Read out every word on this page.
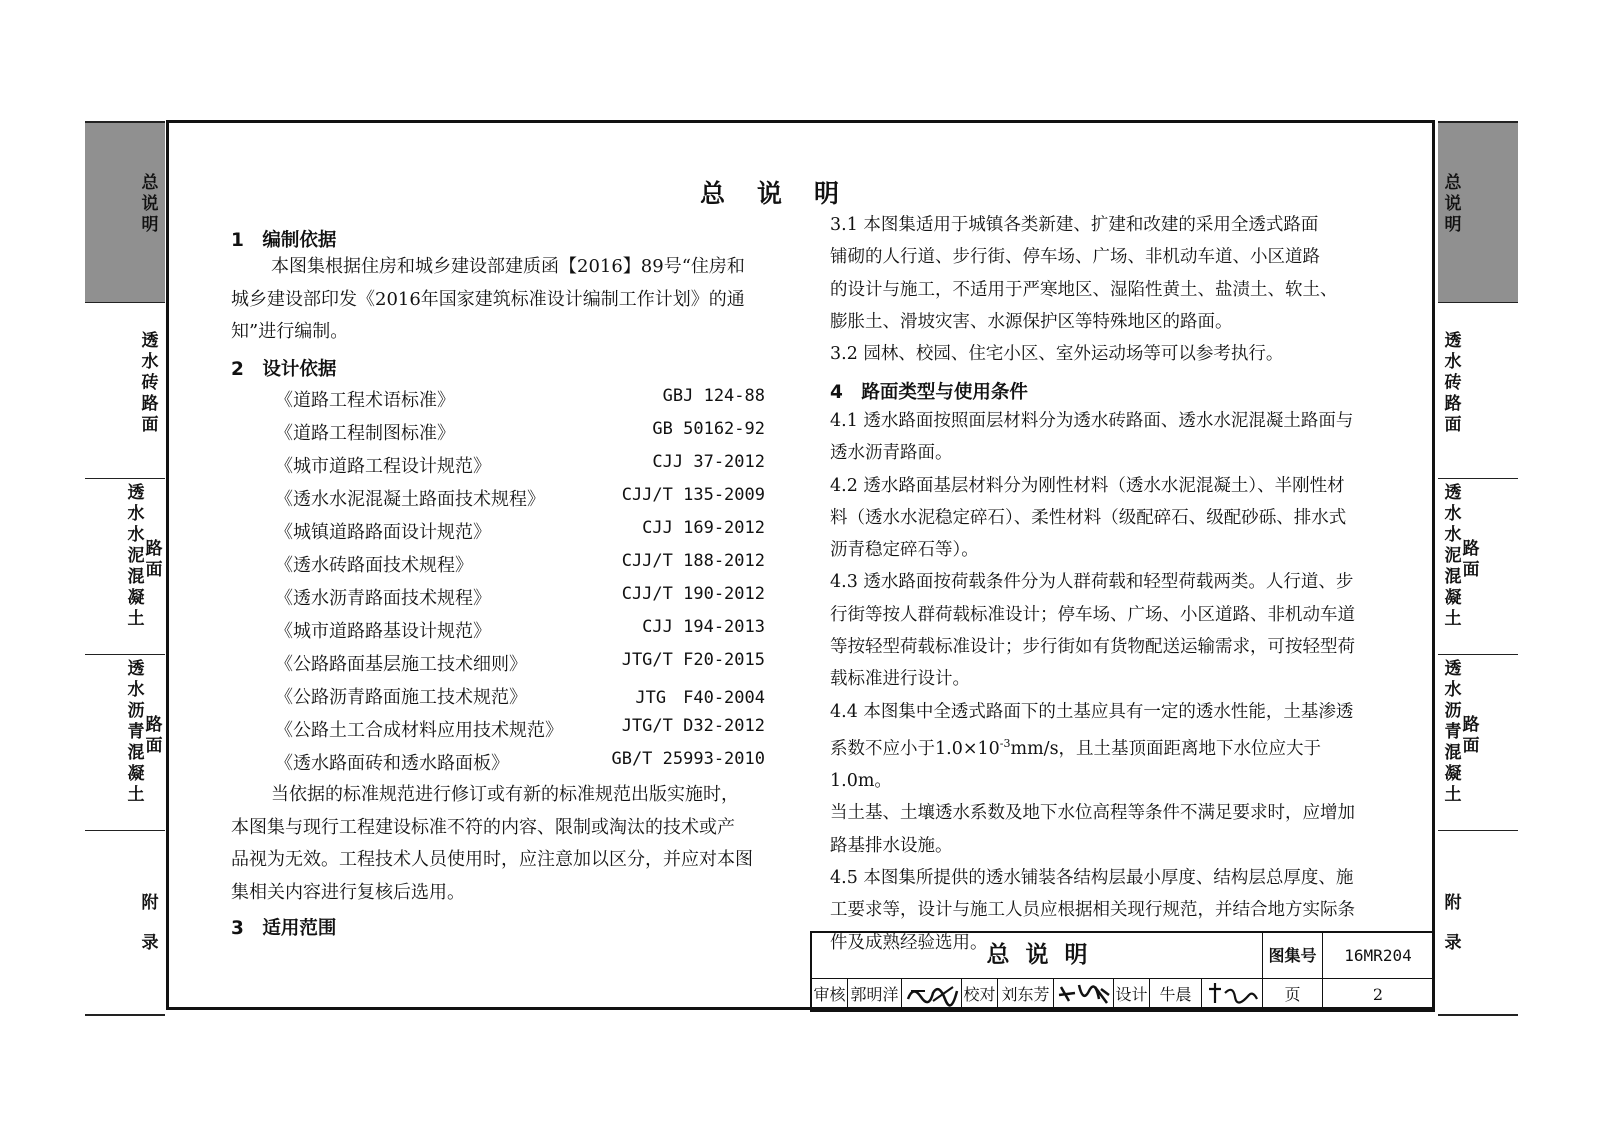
总说明
透水砖路面
透水水泥混凝土
路面
透水沥青混凝土
路面
附录
总说明
透水砖路面
透水水泥混凝土
路面
透水沥青混凝土
路面
附录
总说明
1　编制依据
本图集根据住房和城乡建设部建质函【2016】89号“住房和
城乡建设部印发《2016年国家建筑标准设计编制工作计划》的通
知”进行编制。
2　设计依据
《道路工程术语标准》	GBJ 124-88
《道路工程制图标准》	GB 50162-92
《城市道路工程设计规范》	CJJ 37-2012
《透水水泥混凝土路面技术规程》	CJJ/T 135-2009
《城镇道路路面设计规范》	CJJ 169-2012
《透水砖路面技术规程》	CJJ/T 188-2012
《透水沥青路面技术规程》	CJJ/T 190-2012
《城市道路路基设计规范》	CJJ 194-2013
《公路路面基层施工技术细则》	JTG/T F20-2015
《公路沥青路面施工技术规范》	JTG　F40-2004
《公路土工合成材料应用技术规范》	JTG/T D32-2012
《透水路面砖和透水路面板》	GB/T 25993-2010
当依据的标准规范进行修订或有新的标准规范出版实施时，
本图集与现行工程建设标准不符的内容、限制或淘汰的技术或产
品视为无效。工程技术人员使用时，应注意加以区分，并应对本图
集相关内容进行复核后选用。
3　适用范围
3.1 本图集适用于城镇各类新建、扩建和改建的采用全透式路面
铺砌的人行道、步行街、停车场、广场、非机动车道、小区道路
的设计与施工，不适用于严寒地区、湿陷性黄土、盐渍土、软土、
膨胀土、滑坡灾害、水源保护区等特殊地区的路面。
3.2 园林、校园、住宅小区、室外运动场等可以参考执行。
4　路面类型与使用条件
4.1 透水路面按照面层材料分为透水砖路面、透水水泥混凝土路面与
透水沥青路面。
4.2 透水路面基层材料分为刚性材料（透水水泥混凝土）、半刚性材
料（透水水泥稳定碎石）、柔性材料（级配碎石、级配砂砾、排水式
沥青稳定碎石等）。
4.3 透水路面按荷载条件分为人群荷载和轻型荷载两类。人行道、步
行街等按人群荷载标准设计；停车场、广场、小区道路、非机动车道
等按轻型荷载标准设计；步行街如有货物配送运输需求，可按轻型荷
载标准进行设计。
4.4 本图集中全透式路面下的土基应具有一定的透水性能，土基渗透
系数不应小于$1.0\times 10^{-3}mm/s$，且土基顶面距离地下水位应大于1.0m。
当土基、土壤透水系数及地下水位高程等条件不满足要求时，应增加
路基排水设施。
4.5 本图集所提供的透水铺装各结构层最小厚度、结构层总厚度、施
工要求等，设计与施工人员应根据相关现行规范，并结合地方实际条
件及成熟经验选用。 总说明	图集号	16MR204
审核 郭明洋	校对 刘东芳	设计 牛晨	页	2
